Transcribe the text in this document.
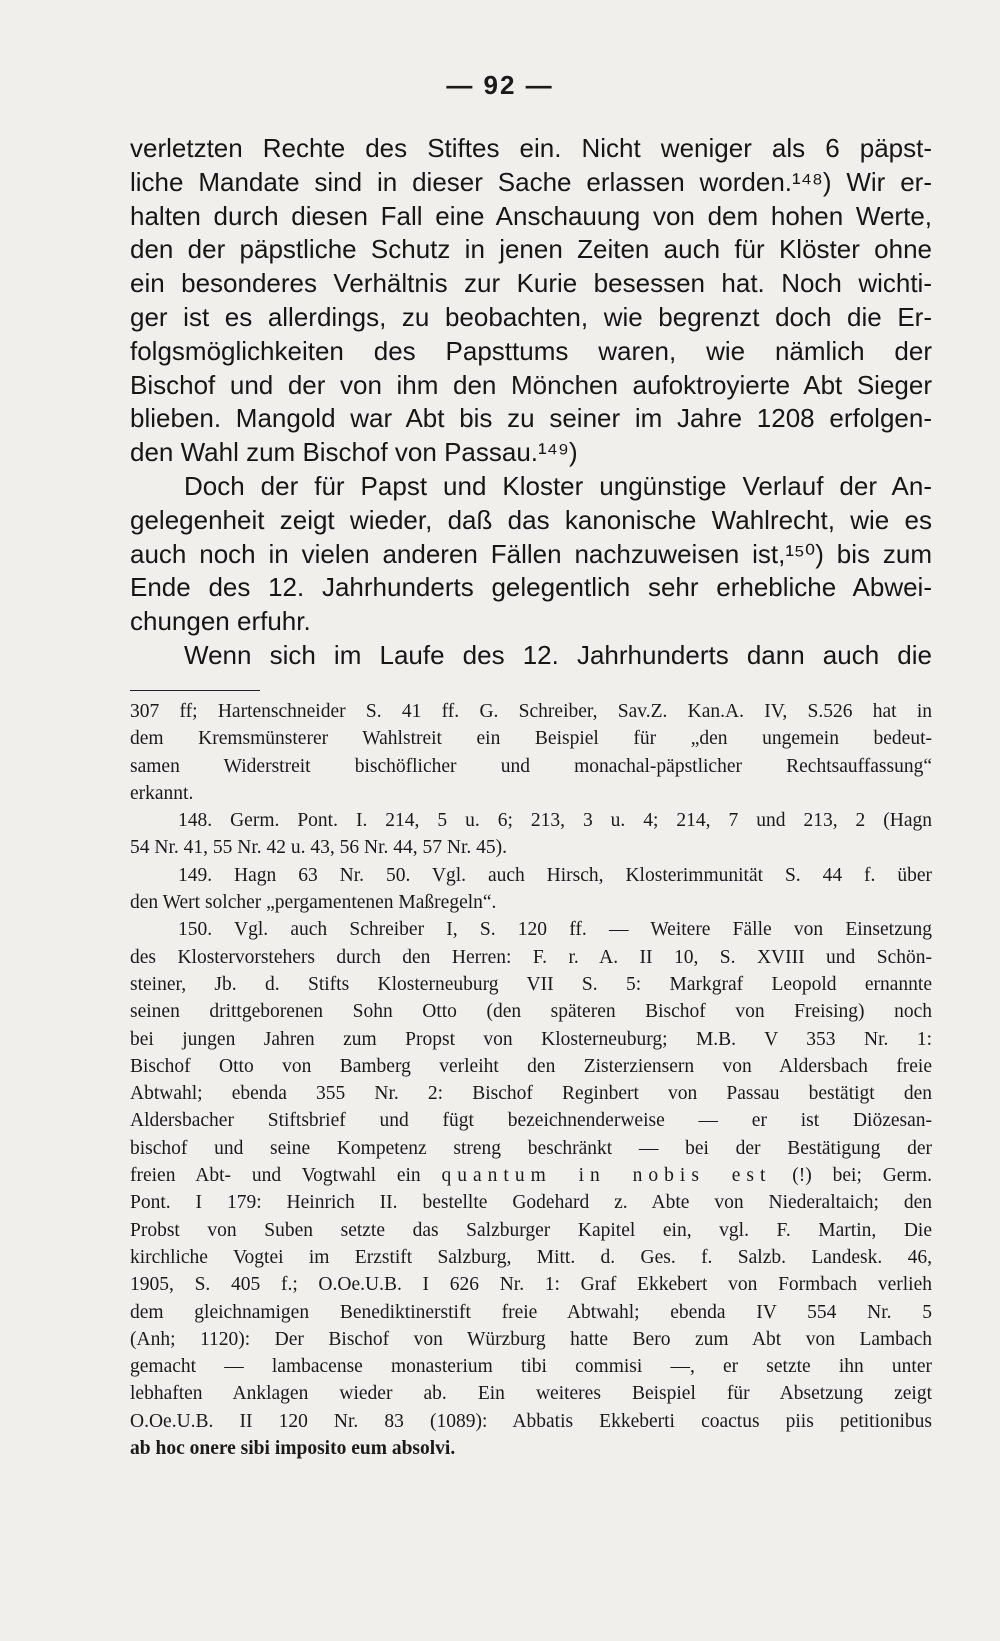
— 92 —
verletzten Rechte des Stiftes ein. Nicht weniger als 6 päpst-
liche Mandate sind in dieser Sache erlassen worden.¹⁴⁸) Wir er-
halten durch diesen Fall eine Anschauung von dem hohen Werte,
den der päpstliche Schutz in jenen Zeiten auch für Klöster ohne
ein besonderes Verhältnis zur Kurie besessen hat. Noch wichti-
ger ist es allerdings, zu beobachten, wie begrenzt doch die Er-
folgsmöglichkeiten des Papsttums waren, wie nämlich der
Bischof und der von ihm den Mönchen aufoktroyierte Abt Sieger
blieben. Mangold war Abt bis zu seiner im Jahre 1208 erfolgen-
den Wahl zum Bischof von Passau.¹⁴⁹)
Doch der für Papst und Kloster ungünstige Verlauf der An-
gelegenheit zeigt wieder, daß das kanonische Wahlrecht, wie es
auch noch in vielen anderen Fällen nachzuweisen ist,¹⁵⁰) bis zum
Ende des 12. Jahrhunderts gelegentlich sehr erhebliche Abwei-
chungen erfuhr.
Wenn sich im Laufe des 12. Jahrhunderts dann auch die
307 ff; Hartenschneider S. 41 ff. G. Schreiber, Sav.Z. Kan.A. IV, S.526 hat in
dem Kremsmünsterer Wahlstreit ein Beispiel für „den ungemein bedeut-
samen Widerstreit bischöflicher und monachal-päpstlicher Rechtsauffassung“
erkannt.
148. Germ. Pont. I. 214, 5 u. 6; 213, 3 u. 4; 214, 7 und 213, 2 (Hagn
54 Nr. 41, 55 Nr. 42 u. 43, 56 Nr. 44, 57 Nr. 45).
149. Hagn 63 Nr. 50. Vgl. auch Hirsch, Klosterimmunität S. 44 f. über
den Wert solcher „pergamentenen Maßregeln“.
150. Vgl. auch Schreiber I, S. 120 ff. — Weitere Fälle von Einsetzung
des Klostervorstehers durch den Herren: F. r. A. II 10, S. XVIII und Schön-
steiner, Jb. d. Stifts Klosterneuburg VII S. 5: Markgraf Leopold ernannte
seinen drittgeborenen Sohn Otto (den späteren Bischof von Freising) noch
bei jungen Jahren zum Propst von Klosterneuburg; M.B. V 353 Nr. 1:
Bischof Otto von Bamberg verleiht den Zisterziensern von Aldersbach freie
Abtwahl; ebenda 355 Nr. 2: Bischof Reginbert von Passau bestätigt den
Aldersbacher Stiftsbrief und fügt bezeichnenderweise — er ist Diözesan-
bischof und seine Kompetenz streng beschränkt — bei der Bestätigung der
freien Abt- und Vogtwahl ein quantum in nobis est (!) bei; Germ.
Pont. I 179: Heinrich II. bestellte Godehard z. Abte von Niederaltaich; den
Probst von Suben setzte das Salzburger Kapitel ein, vgl. F. Martin, Die
kirchliche Vogtei im Erzstift Salzburg, Mitt. d. Ges. f. Salzb. Landesk. 46,
1905, S. 405 f.; O.Oe.U.B. I 626 Nr. 1: Graf Ekkebert von Formbach verlieh
dem gleichnamigen Benediktinerstift freie Abtwahl; ebenda IV 554 Nr. 5
(Anh; 1120): Der Bischof von Würzburg hatte Bero zum Abt von Lambach
gemacht — lambacense monasterium tibi commisi —, er setzte ihn unter
lebhaften Anklagen wieder ab. Ein weiteres Beispiel für Absetzung zeigt
O.Oe.U.B. II 120 Nr. 83 (1089): Abbatis Ekkeberti coactus piis petitionibus
ab hoc onere sibi imposito eum absolvi.
